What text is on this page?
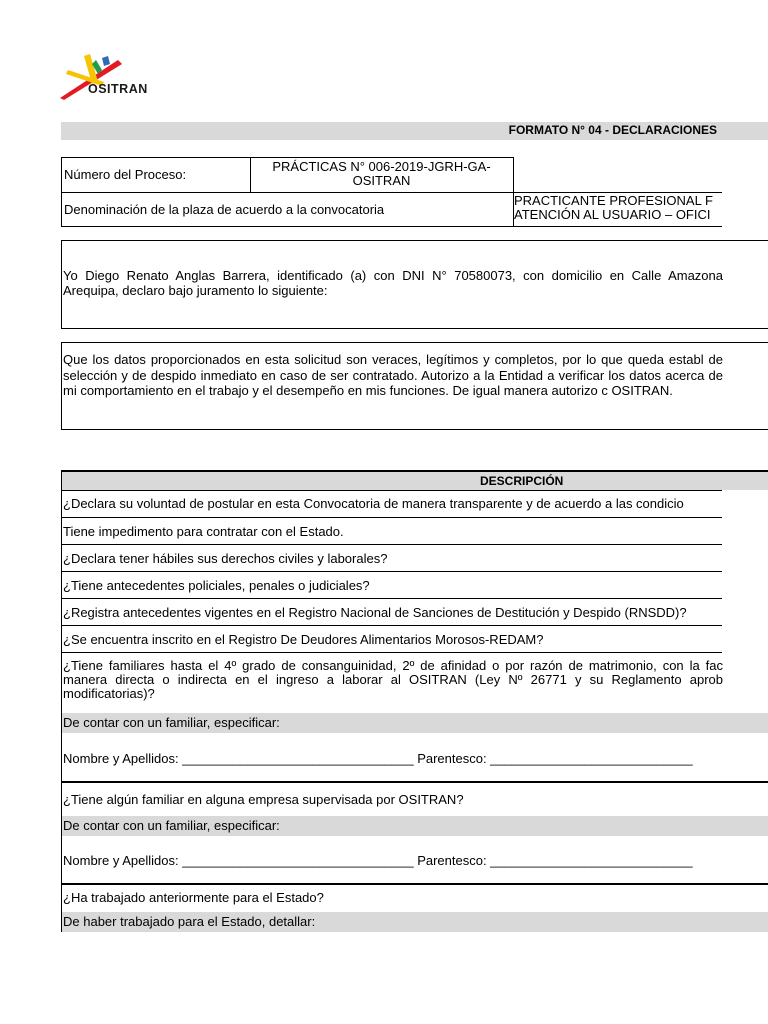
OSITRAN
FORMATO N° 04 - DECLARACIONES
Número del Proceso:
PRÁCTICAS N° 006-2019-JGRH-GA-OSITRAN
Denominación de la plaza de acuerdo a la convocatoria
PRACTICANTE PROFESIONAL F
ATENCIÓN AL USUARIO – OFICI
Yo Diego Renato Anglas Barrera, identificado (a) con DNI N° 70580073, con domicilio en Calle Amazona Arequipa, declaro bajo juramento lo siguiente:
Que los datos proporcionados en esta solicitud son veraces, legítimos y completos, por lo que queda establ de selección y de despido inmediato en caso de ser contratado. Autorizo a la Entidad a verificar los datos acerca de mi comportamiento en el trabajo y el desempeño en mis funciones. De igual manera autorizo c OSITRAN.
DESCRIPCIÓN
¿Declara su voluntad de postular en esta Convocatoria de manera transparente y de acuerdo a las condicio
Tiene impedimento para contratar con el Estado.
¿Declara tener hábiles sus derechos civiles y laborales?
¿Tiene antecedentes policiales, penales o judiciales?
¿Registra antecedentes vigentes en el Registro Nacional de Sanciones de Destitución y Despido (RNSDD)?
¿Se encuentra inscrito en el Registro De Deudores Alimentarios Morosos-REDAM?
¿Tiene familiares hasta el 4º grado de consanguinidad, 2º de afinidad o por razón de matrimonio, con la fac manera directa o indirecta en el ingreso a laborar al OSITRAN (Ley Nº 26771 y su Reglamento aprob modificatorias)?
De contar con un familiar, especificar:
Nombre y Apellidos: ________________________________ Parentesco: ____________________________
¿Tiene algún familiar en alguna empresa supervisada por OSITRAN?
De contar con un familiar, especificar:
Nombre y Apellidos: ________________________________ Parentesco: ____________________________
¿Ha trabajado anteriormente para el Estado?
De haber trabajado para el Estado, detallar:
